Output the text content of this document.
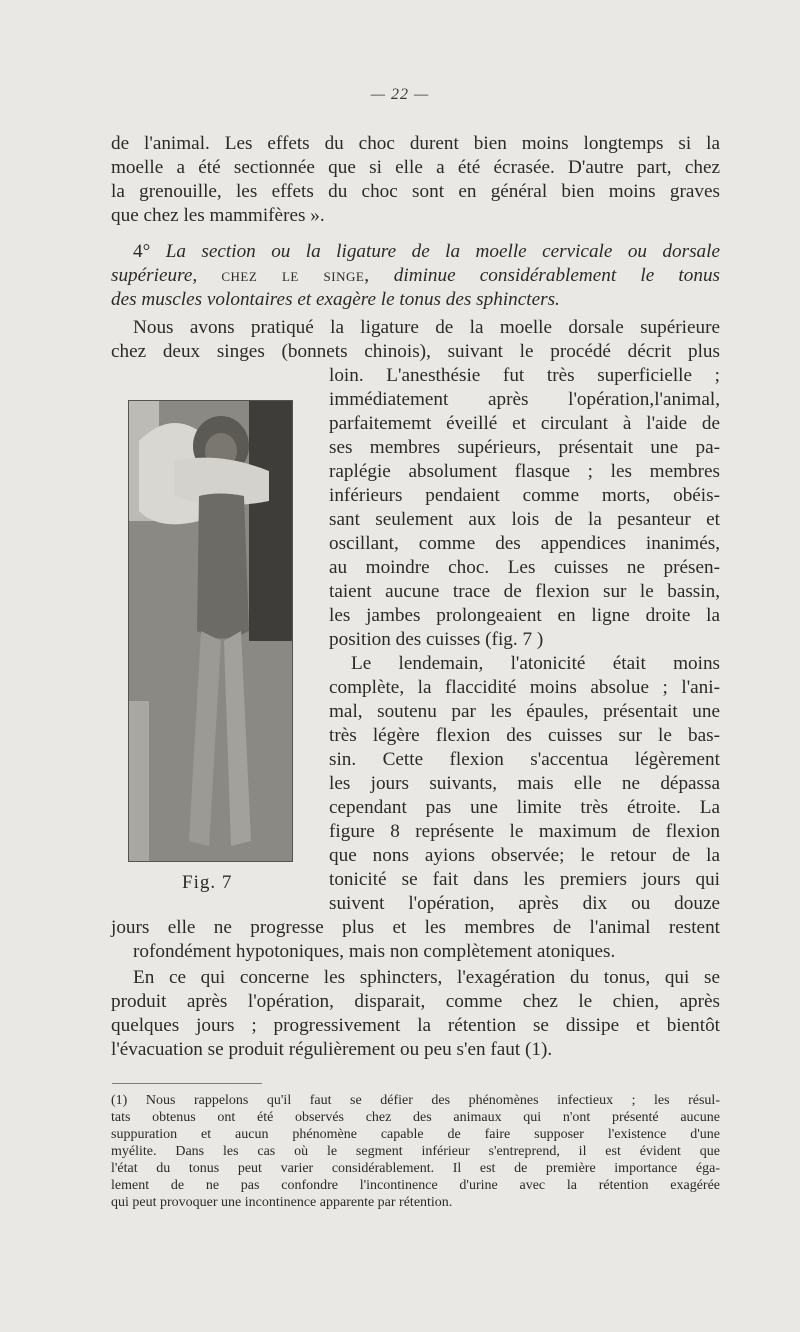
— 22 —
de l'animal. Les effets du choc durent bien moins longtemps si la
moelle a été sectionnée que si elle a été écrasée. D'autre part, chez
la grenouille, les effets du choc sont en général bien moins graves
que chez les mammifères ».
4° La section ou la ligature de la moelle cervicale ou dorsale
supérieure, chez le singe, diminue considérablement le tonus
des muscles volontaires et exagère le tonus des sphincters.
Nous avons pratiqué la ligature de la moelle dorsale supérieure
chez deux singes (bonnets chinois), suivant le procédé décrit plus
loin. L'anesthésie fut très superficielle ;
immédiatement après l'opération,l'animal,
parfaitememt éveillé et circulant à l'aide de
ses membres supérieurs, présentait une pa-
raplégie absolument flasque ; les membres
inférieurs pendaient comme morts, obéis-
sant seulement aux lois de la pesanteur et
oscillant, comme des appendices inanimés,
au moindre choc. Les cuisses ne présen-
taient aucune trace de flexion sur le bassin,
les jambes prolongeaient en ligne droite la
position des cuisses (fig. 7 )
Le lendemain, l'atonicité était moins
complète, la flaccidité moins absolue ; l'ani-
mal, soutenu par les épaules, présentait une
très légère flexion des cuisses sur le bas-
sin. Cette flexion s'accentua légèrement
les jours suivants, mais elle ne dépassa
cependant pas une limite très étroite. La
figure 8 représente le maximum de flexion
que nons ayions observée; le retour de la
tonicité se fait dans les premiers jours qui
suivent l'opération, après dix ou douze
jours elle ne progresse plus et les membres de l'animal restent
rofondément hypotoniques, mais non complètement atoniques.
En ce qui concerne les sphincters, l'exagération du tonus, qui se
produit après l'opération, disparait, comme chez le chien, après
quelques jours ; progressivement la rétention se dissipe et bientôt
l'évacuation se produit régulièrement ou peu s'en faut (1).
Fig. 7
(1) Nous rappelons qu'il faut se défier des phénomènes infectieux ; les résul-
tats obtenus ont été observés chez des animaux qui n'ont présenté aucune
suppuration et aucun phénomène capable de faire supposer l'existence d'une
myélite. Dans les cas où le segment inférieur s'entreprend, il est évident que
l'état du tonus peut varier considérablement. Il est de première importance éga-
lement de ne pas confondre l'incontinence d'urine avec la rétention exagérée
qui peut provoquer une incontinence apparente par rétention.
